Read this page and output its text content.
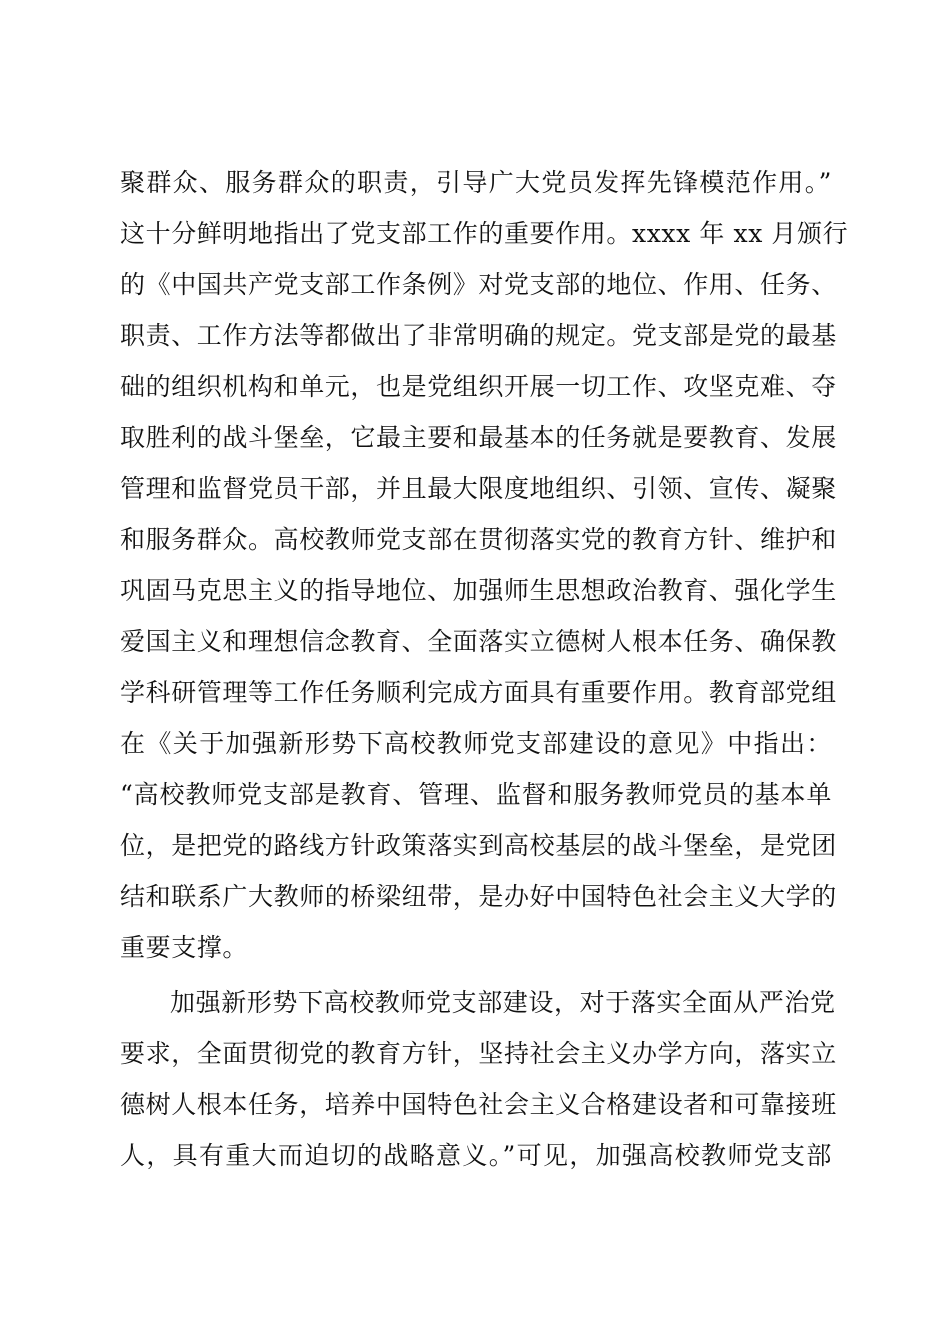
聚群众、服务群众的职责，引导广大党员发挥先锋模范作用。”
这十分鲜明地指出了党支部工作的重要作用。xxxx 年 xx 月颁行
的《中国共产党支部工作条例》对党支部的地位、作用、任务、
职责、工作方法等都做出了非常明确的规定。党支部是党的最基
础的组织机构和单元，也是党组织开展一切工作、攻坚克难、夺
取胜利的战斗堡垒，它最主要和最基本的任务就是要教育、发展
管理和监督党员干部，并且最大限度地组织、引领、宣传、凝聚
和服务群众。高校教师党支部在贯彻落实党的教育方针、维护和
巩固马克思主义的指导地位、加强师生思想政治教育、强化学生
爱国主义和理想信念教育、全面落实立德树人根本任务、确保教
学科研管理等工作任务顺利完成方面具有重要作用。教育部党组
在《关于加强新形势下高校教师党支部建设的意见》中指出：
“高校教师党支部是教育、管理、监督和服务教师党员的基本单
位，是把党的路线方针政策落实到高校基层的战斗堡垒，是党团
结和联系广大教师的桥梁纽带，是办好中国特色社会主义大学的
重要支撑。
加强新形势下高校教师党支部建设，对于落实全面从严治党
要求，全面贯彻党的教育方针，坚持社会主义办学方向，落实立
德树人根本任务，培养中国特色社会主义合格建设者和可靠接班
人，具有重大而迫切的战略意义。”可见，加强高校教师党支部
